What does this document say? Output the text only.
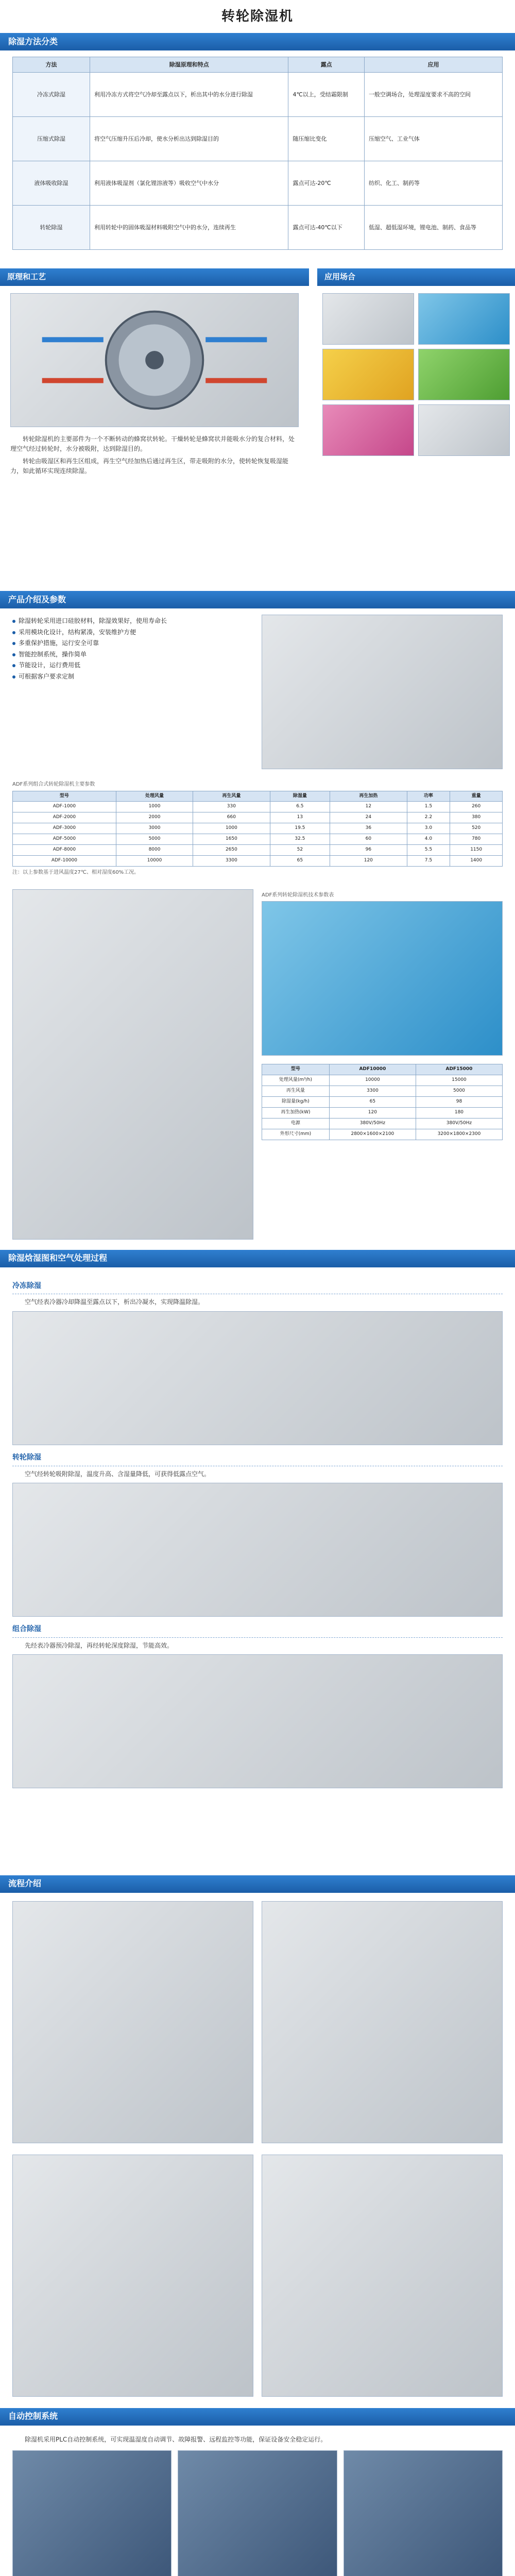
转轮除湿机
除湿方法分类
方法	除湿原理和特点	露点	应用
冷冻式除湿	利用冷冻方式将空气冷却至露点以下，析出其中的水分进行除湿	4℃以上，受结霜限制	一般空调场合，处理湿度要求不高的空间
压缩式除湿	将空气压缩升压后冷却，使水分析出达到除湿目的	随压缩比变化	压缩空气、工业气体
液体吸收除湿	利用液体吸湿剂（氯化锂溶液等）吸收空气中水分	露点可达-20℃	纺织、化工、制药等
转轮除湿	利用转轮中的固体吸湿材料吸附空气中的水分，连续再生	露点可达-40℃以下	低湿、超低湿环境，锂电池、制药、食品等
原理和工艺

转轮除湿机的主要部件为一个不断转动的蜂窝状转轮。干燥转轮是蜂窝状并能吸水分的复合材料，处理空气经过转轮时，水分被吸附，达到除湿目的。

转轮由吸湿区和再生区组成，再生空气经加热后通过再生区，带走吸附的水分，使转轮恢复吸湿能力，如此循环实现连续除湿。

应用场合
产品介绍及参数
除湿转轮采用进口硅胶材料，除湿效果好，使用寿命长
采用模块化设计，结构紧凑，安装维护方便
多重保护措施，运行安全可靠
智能控制系统，操作简单
节能设计，运行费用低
可根据客户要求定制
ADF系列组合式转轮除湿机主要参数
型号	处理风量	再生风量	除湿量	再生加热	功率	重量
ADF-1000	1000	330	6.5	12	1.5	260
ADF-2000	2000	660	13	24	2.2	380
ADF-3000	3000	1000	19.5	36	3.0	520
ADF-5000	5000	1650	32.5	60	4.0	780
ADF-8000	8000	2650	52	96	5.5	1150
ADF-10000	10000	3300	65	120	7.5	1400
注：以上参数基于进风温度27℃、相对湿度60%工况。
ADF系列转轮除湿机技术参数表
型号	ADF10000	ADF15000
处理风量(m³/h)	10000	15000
再生风量	3300	5000
除湿量(kg/h)	65	98
再生加热(kW)	120	180
电源	380V/50Hz	380V/50Hz
外形尺寸(mm)	2800×1600×2100	3200×1800×2300
除湿焓湿图和空气处理过程
冷冻除湿

空气经表冷器冷却降温至露点以下，析出冷凝水，实现降温除湿。

转轮除湿

空气经转轮吸附除湿，温度升高、含湿量降低，可获得低露点空气。

组合除湿

先经表冷器预冷除湿，再经转轮深度除湿，节能高效。

流程介绍
自动控制系统

除湿机采用PLC自动控制系统，可实现温湿度自动调节、故障报警、远程监控等功能，保证设备安全稳定运行。
